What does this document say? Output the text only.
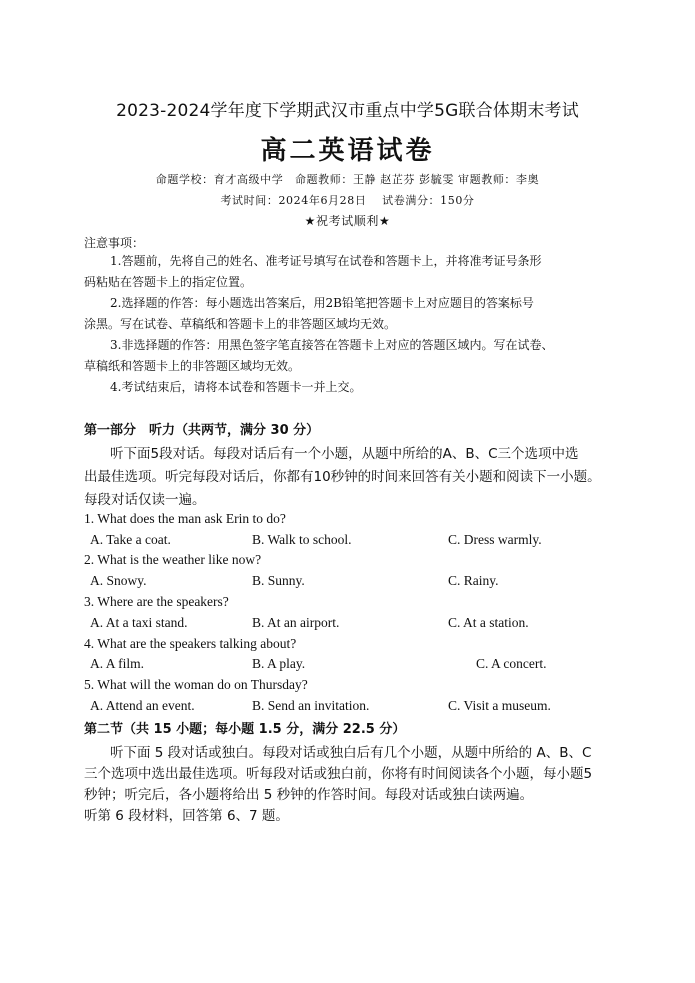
2023-2024学年度下学期武汉市重点中学5G联合体期末考试
高二英语试卷
命题学校：育才高级中学　命题教师：王静 赵芷芬 彭毓雯 审题教师：李奥
考试时间：2024年6月28日　 试卷满分：150分
★祝考试顺利★
注意事项：
1.答题前，先将自己的姓名、准考证号填写在试卷和答题卡上，并将准考证号条形
码粘贴在答题卡上的指定位置。
2.选择题的作答：每小题选出答案后，用2B铅笔把答题卡上对应题目的答案标号
涂黑。写在试卷、草稿纸和答题卡上的非答题区域均无效。
3.非选择题的作答：用黑色签字笔直接答在答题卡上对应的答题区域内。写在试卷、
草稿纸和答题卡上的非答题区域均无效。
4.考试结束后，请将本试卷和答题卡一并上交。
第一部分　听力（共两节，满分 30 分）
听下面5段对话。每段对话后有一个小题，从题中所给的A、B、C三个选项中选
出最佳选项。听完每段对话后，你都有10秒钟的时间来回答有关小题和阅读下一小题。
每段对话仅读一遍。
1. What does the man ask Erin to do?
A. Take a coat.	B. Walk to school.	C. Dress warmly.
2. What is the weather like now?
A. Snowy.	B. Sunny.	C. Rainy.
3. Where are the speakers?
A. At a taxi stand.	B. At an airport.	C. At a station.
4. What are the speakers talking about?
A. A film.	B. A play.	C. A concert.
5. What will the woman do on Thursday?
A. Attend an event.	B. Send an invitation.	C. Visit a museum.
第二节（共 15 小题；每小题 1.5 分，满分 22.5 分）
听下面 5 段对话或独白。每段对话或独白后有几个小题，从题中所给的 A、B、C
三个选项中选出最佳选项。听每段对话或独白前，你将有时间阅读各个小题，每小题5
秒钟；听完后，各小题将给出 5 秒钟的作答时间。每段对话或独白读两遍。
听第 6 段材料，回答第 6、7 题。
